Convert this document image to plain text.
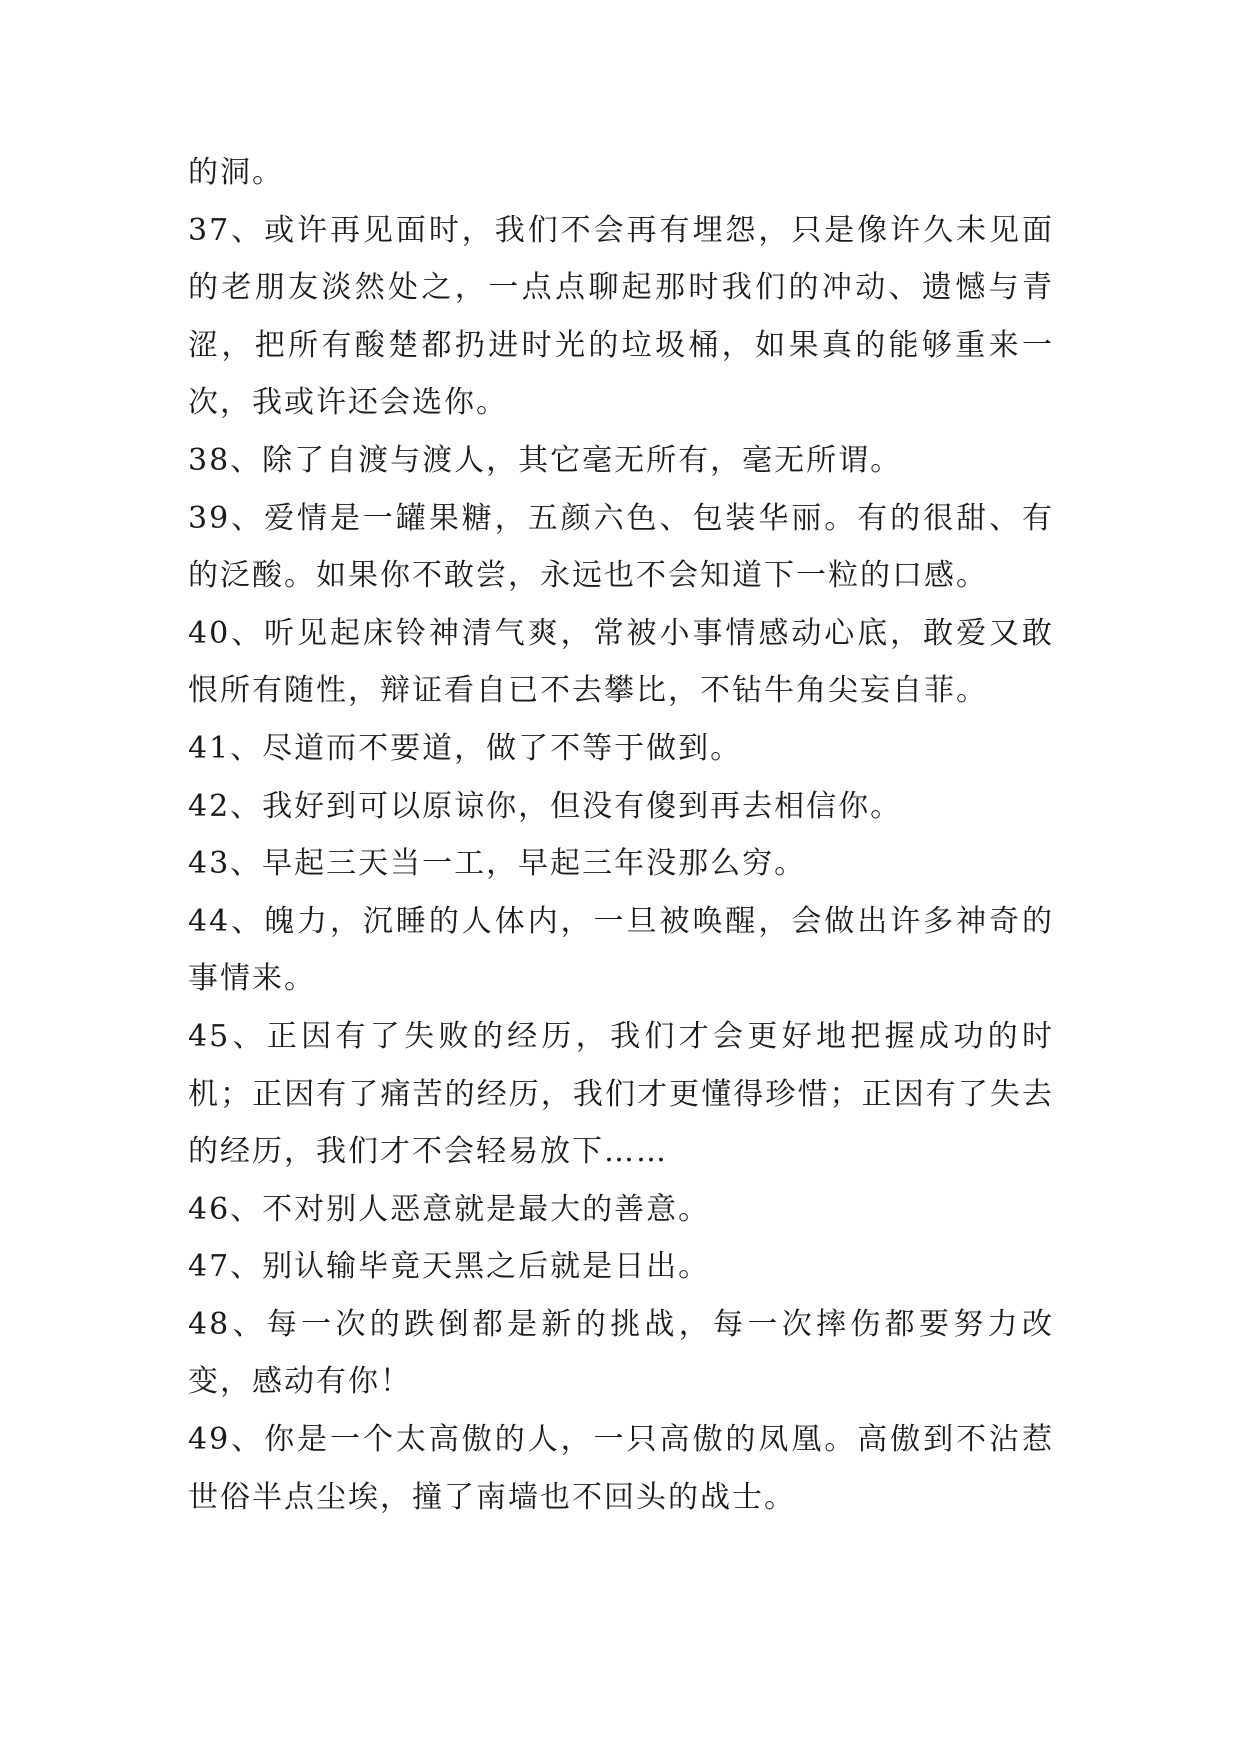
的洞。

37、或许再见面时，我们不会再有埋怨，只是像许久未见面的老朋友淡然处之，一点点聊起那时我们的冲动、遗憾与青涩，把所有酸楚都扔进时光的垃圾桶，如果真的能够重来一次，我或许还会选你。

38、除了自渡与渡人，其它毫无所有，毫无所谓。

39、爱情是一罐果糖，五颜六色、包装华丽。有的很甜、有的泛酸。如果你不敢尝，永远也不会知道下一粒的口感。

40、听见起床铃神清气爽，常被小事情感动心底，敢爱又敢恨所有随性，辩证看自已不去攀比，不钻牛角尖妄自菲。

41、尽道而不要道，做了不等于做到。

42、我好到可以原谅你，但没有傻到再去相信你。

43、早起三天当一工，早起三年没那么穷。

44、魄力，沉睡的人体内，一旦被唤醒，会做出许多神奇的事情来。

45、正因有了失败的经历，我们才会更好地把握成功的时机；正因有了痛苦的经历，我们才更懂得珍惜；正因有了失去的经历，我们才不会轻易放下……

46、不对别人恶意就是最大的善意。

47、别认输毕竟天黑之后就是日出。

48、每一次的跌倒都是新的挑战，每一次摔伤都要努力改变，感动有你！

49、你是一个太高傲的人，一只高傲的凤凰。高傲到不沾惹世俗半点尘埃，撞了南墙也不回头的战士。
